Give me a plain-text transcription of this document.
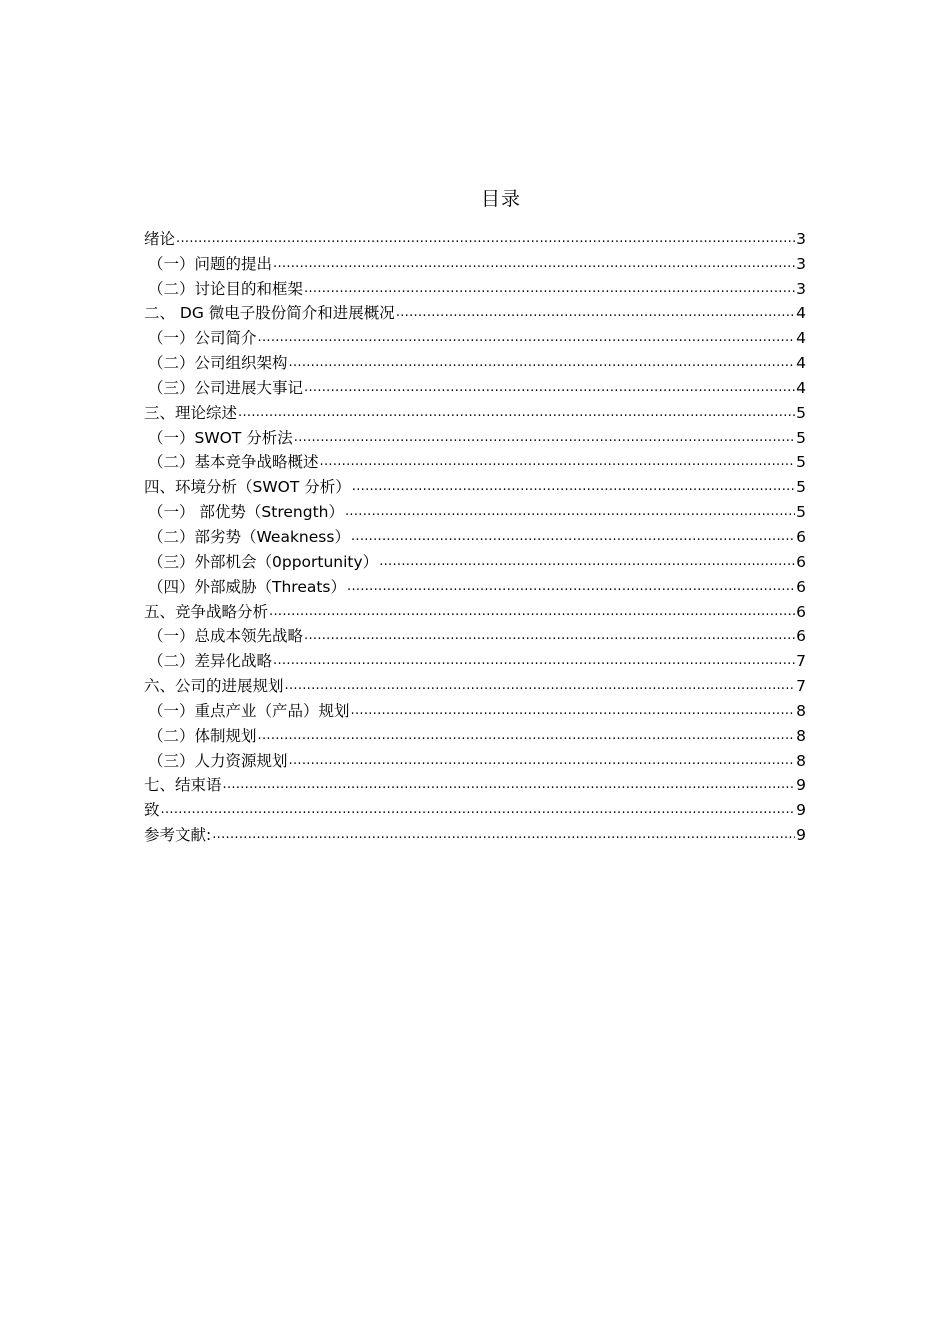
目录
绪论 .....	3
（一）问题的提出 .....	3
（二）讨论目的和框架 .....	3
二、 DG 微电子股份简介和进展概况 .....	4
（一）公司简介 .....	4
（二）公司组织架构 .....	4
（三）公司进展大事记 .....	4
三、理论综述 .....	5
（一）SWOT 分析法 .....	5
（二）基本竞争战略概述 .....	5
四、环境分析（SWOT 分析） .....	5
（一） 部优势（Strength） .....	5
（二）部劣势（Weakness） .....	6
（三）外部机会（0pportunity） .....	6
（四）外部威胁（Threats） .....	6
五、竞争战略分析 .....	6
（一）总成本领先战略 .....	6
（二）差异化战略 .....	7
六、公司的进展规划 .....	7
（一）重点产业（产品）规划 .....	8
（二）体制规划 .....	8
（三）人力资源规划 .....	8
七、结束语 .....	9
致 .....	9
参考文献: .....	9
